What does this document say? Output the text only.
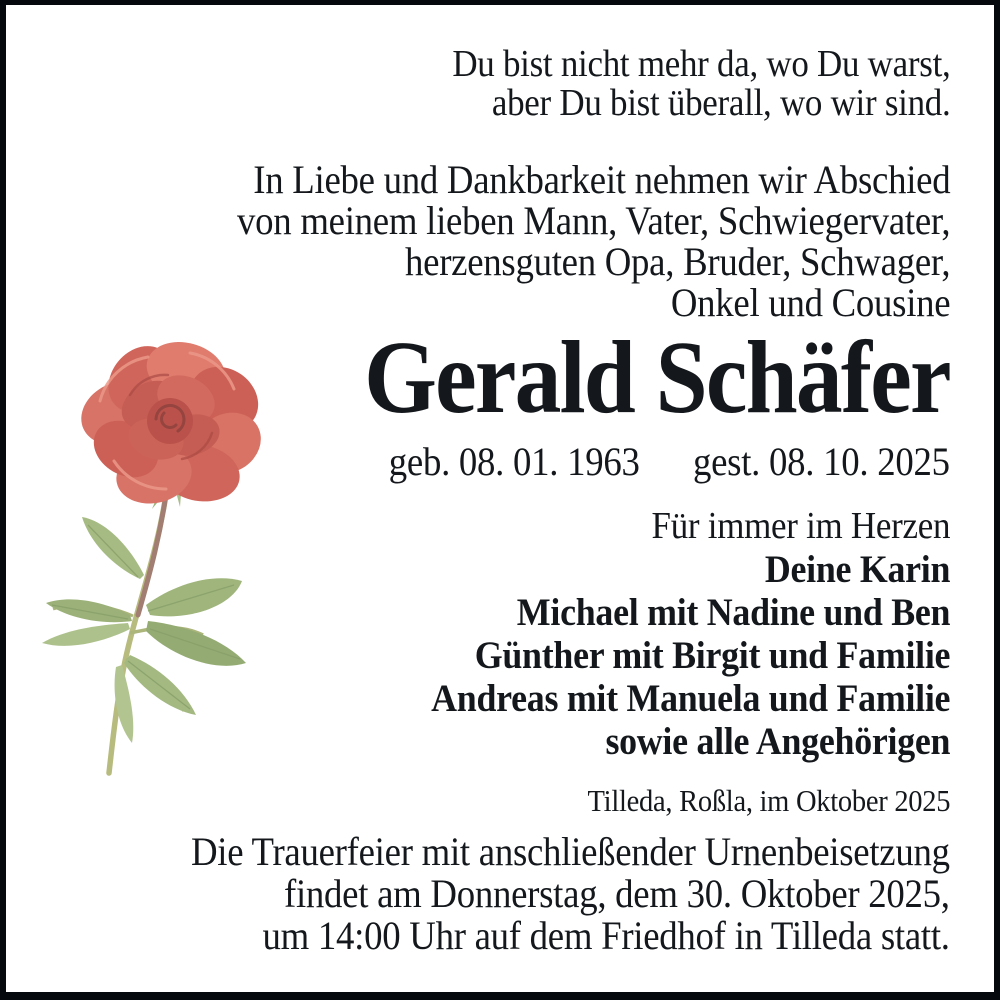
Du bist nicht mehr da, wo Du warst,
aber Du bist überall, wo wir sind.
In Liebe und Dankbarkeit nehmen wir Abschied
von meinem lieben Mann, Vater, Schwiegervater,
herzensguten Opa, Bruder, Schwager,
Onkel und Cousine
Gerald Schäfer
geb. 08. 01. 1963 gest. 08. 10. 2025
Für immer im Herzen
Deine Karin
Michael mit Nadine und Ben
Günther mit Birgit und Familie
Andreas mit Manuela und Familie
sowie alle Angehörigen
Tilleda, Roßla, im Oktober 2025
Die Trauerfeier mit anschließender Urnenbeisetzung
findet am Donnerstag, dem 30. Oktober 2025,
um 14:00 Uhr auf dem Friedhof in Tilleda statt.
